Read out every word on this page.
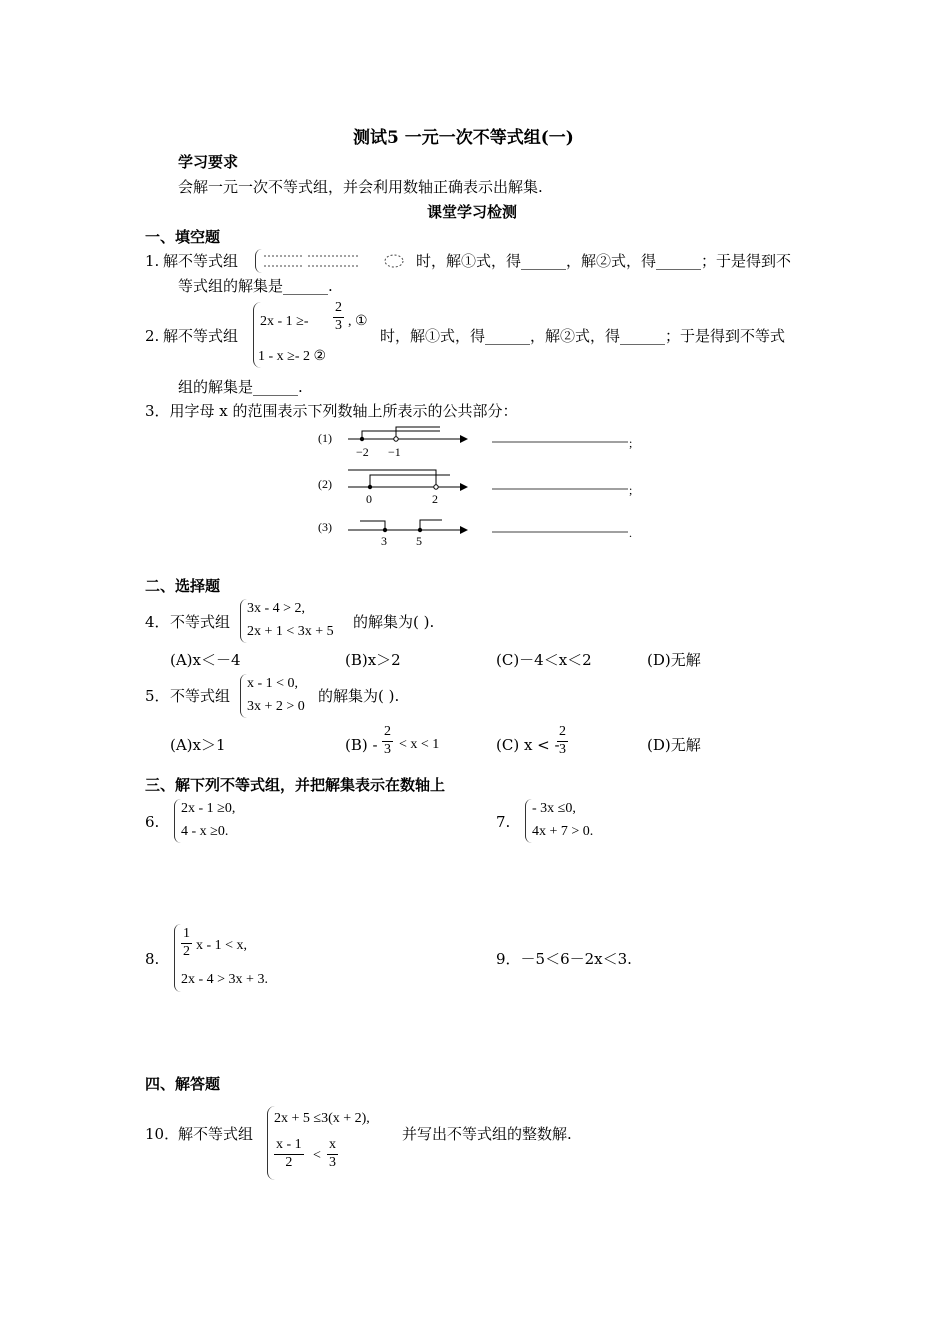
测试5 一元一次不等式组(一)
学习要求
会解一元一次不等式组，并会利用数轴正确表示出解集.
课堂学习检测
一、填空题
1. 解不等式组	时，解①式，得______，解②式，得______；于是得到不
等式组的解集是______.
2. 解不等式组
$2x - 1 \ge- \frac{2}{3}$ , ①
1 - x ≥- 2 ②
时，解①式，得______，解②式，得______；于是得到不等式
组的解集是______.
3．用字母 x 的范围表示下列数轴上所表示的公共部分：
(1)
−2 −1
;
(2)
0	2
;
(3)
3 5
.
二、选择题
4． 不等式组
3x - 4 > 2,
2x + 1 < 3x + 5
的解集为( ).
(A)x＜－4	(B)x＞2	(C)－4＜x＜2	(D)无解
5． 不等式组
x - 1 < 0,
3x + 2 > 0
的解集为( ).
(A)x＞1	$(B) - \frac{2}{3} < x < 1$	(C) x < -
$\frac{2}{3}$	(D)无解
三、解下列不等式组，并把解集表示在数轴上
6.
2x - 1 ≥0,
4 - x ≥0.
7.
- 3x ≤0,
4x + 7 > 0.
8. $\frac{1}{2}$ x - 1 < x,
2x - 4 > 3x + 3.
9．－5＜6－2x＜3.
四、解答题
10．
解不等式组
2x + 5 ≤3(x + 2),
$\frac{x - 1}{2} < \frac{x}{3}$
并写出不等式组的整数解.
